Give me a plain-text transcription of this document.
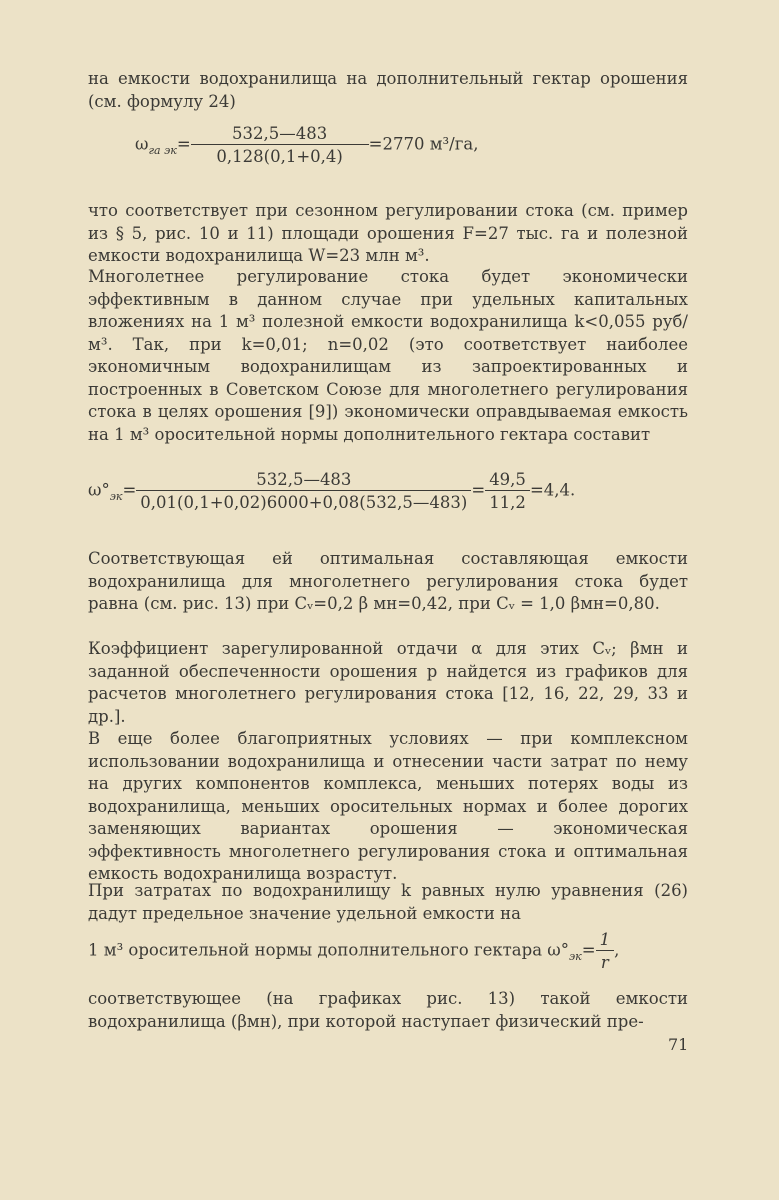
на емкости водохранилища на дополнительный гектар орошения (см. формулу 24)

$\omega_{га эк}= \frac{532,5—483}{0,128(0,1+0,4)} =2770$ м³/га,

что соответствует при сезонном регулировании стока (см. пример из § 5, рис. 10 и 11) площади орошения F=27 тыс. га и полезной емкости водохранилища W=23 млн м³.

Многолетнее регулирование стока будет экономически эффективным в данном случае при удельных капитальных вложениях на 1 м³ полезной емкости водохранилища k<0,055 руб/м³. Так, при k=0,01; n=0,02 (это соответствует наиболее экономичным водохранилищам из запроектированных и построенных в Советском Союзе для многолетнего регулирования стока в целях орошения [9]) экономически оправдываемая емкость на 1 м³ оросительной нормы дополнительного гектара составит

$\omega^\circ_{эк}= \frac{532,5—483}{0,01(0,1+0,02)6000+0,08(532,5—483)} = \frac{49,5}{11,2} =4,4$.

Соответствующая ей оптимальная составляющая емкости водохранилища для многолетнего регулирования стока будет равна (см. рис. 13) при Cᵥ=0,2 β мн=0,42, при Cᵥ = 1,0 βмн=0,80.

Коэффициент зарегулированной отдачи α для этих Cᵥ; βмн и заданной обеспеченности орошения p найдется из графиков для расчетов многолетнего регулирования стока [12, 16, 22, 29, 33 и др.].

В еще более благоприятных условиях — при комплексном использовании водохранилища и отнесении части затрат по нему на других компонентов комплекса, меньших потерях воды из водохранилища, меньших оросительных нормах и более дорогих заменяющих вариантах орошения — экономическая эффективность многолетнего регулирования стока и оптимальная емкость водохранилища возрастут.

При затратах по водохранилищу k равных нулю уравнения (26) дадут предельное значение удельной емкости на

1 м³ оросительной нормы дополнительного гектара $\omega^\circ_{эк}= \frac{1}{r}$ ,

соответствующее (на графиках рис. 13) такой емкости водохранилища (βмн), при которой наступает физический пре-

71
